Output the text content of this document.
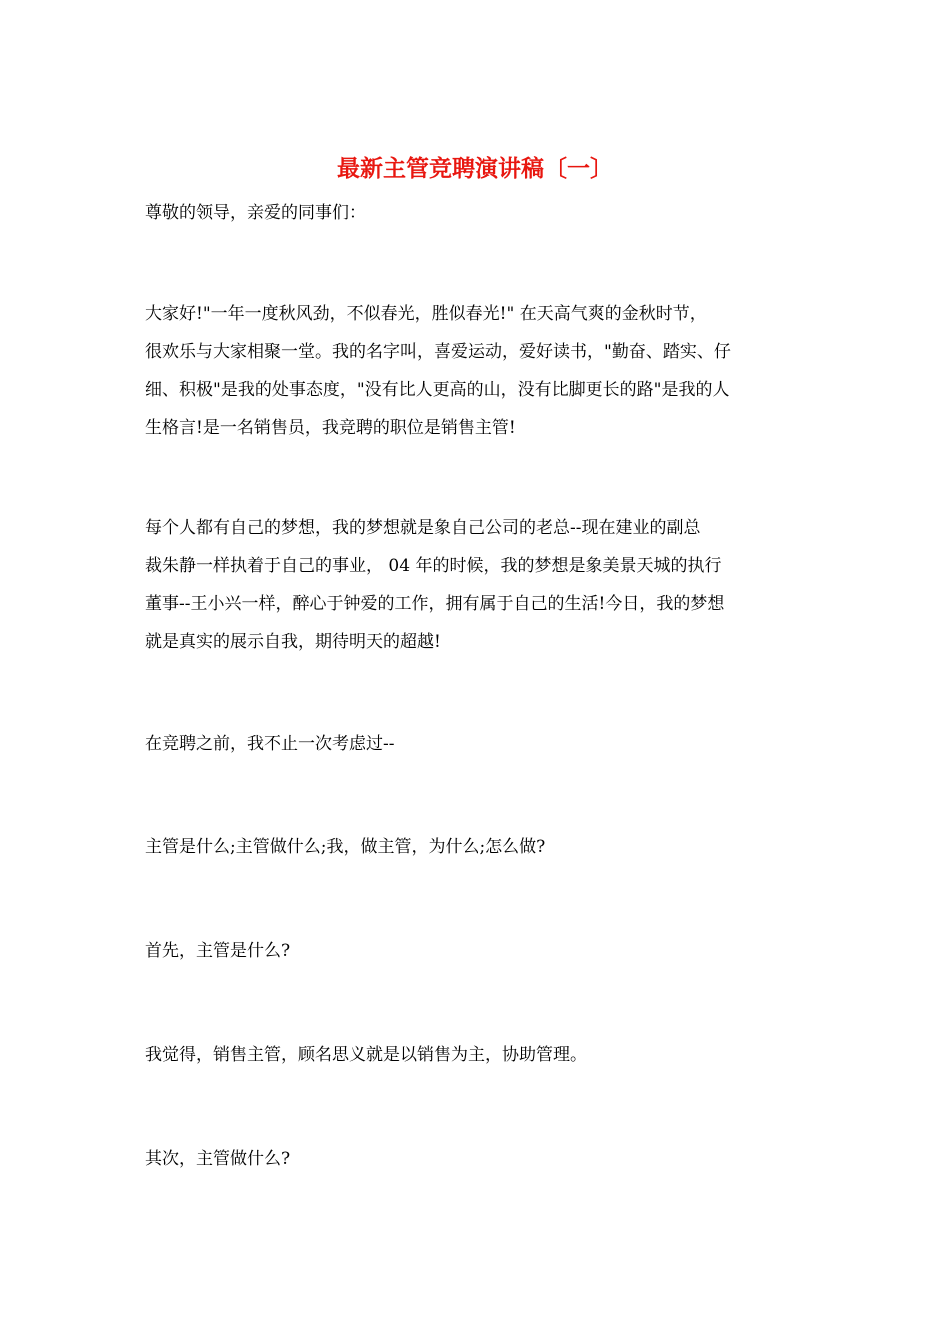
最新主管竞聘演讲稿〔一〕

尊敬的领导，亲爱的同事们：

大家好!"一年一度秋风劲，不似春光，胜似春光!" 在天高气爽的金秋时节，
很欢乐与大家相聚一堂。我的名字叫，喜爱运动，爱好读书，"勤奋、踏实、仔
细、积极"是我的处事态度，"没有比人更高的山，没有比脚更长的路"是我的人
生格言!是一名销售员，我竞聘的职位是销售主管!

每个人都有自己的梦想，我的梦想就是象自己公司的老总--现在建业的副总
裁朱静一样执着于自己的事业， 04 年的时候，我的梦想是象美景天城的执行
董事--王小兴一样，醉心于钟爱的工作，拥有属于自己的生活!今日，我的梦想
就是真实的展示自我，期待明天的超越!

在竞聘之前，我不止一次考虑过--

主管是什么;主管做什么;我，做主管，为什么;怎么做?

首先，主管是什么?

我觉得，销售主管，顾名思义就是以销售为主，协助管理。

其次，主管做什么?
